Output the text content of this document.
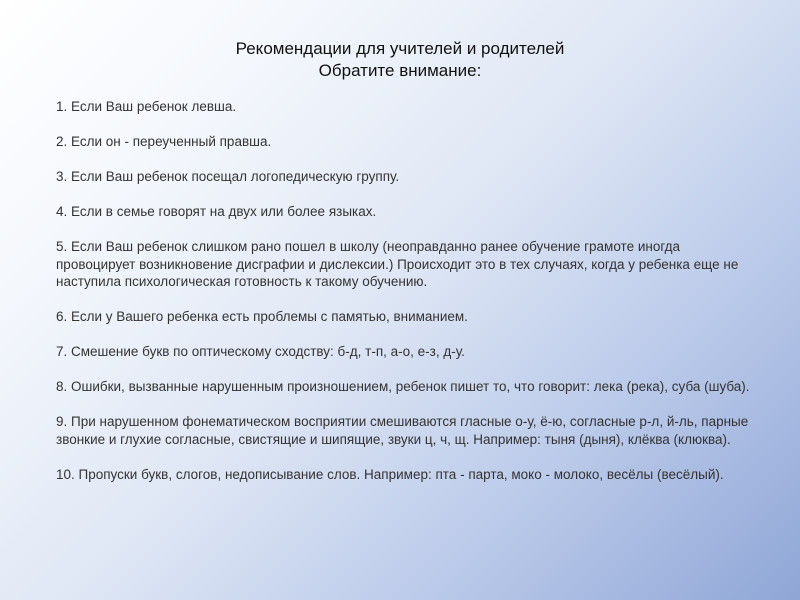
Рекомендации для учителей и родителей
Обратите внимание:
1. Если Ваш ребенок левша.
2. Если он - переученный правша.
3. Если Ваш ребенок посещал логопедическую группу.
4. Если в семье говорят на двух или более языках.
5. Если Ваш ребенок слишком рано пошел в школу (неоправданно ранее обучение грамоте иногда провоцирует возникновение дисграфии и дислексии.) Происходит это в тех случаях, когда у ребенка еще не наступила психологическая готовность к такому обучению.
6. Если у Вашего ребенка есть проблемы с памятью, вниманием.
7. Смешение букв по оптическому сходству: б-д, т-п, а-о, е-з, д-у.
8. Ошибки, вызванные нарушенным произношением, ребенок пишет то, что говорит: лека (река), суба (шуба).
9. При нарушенном фонематическом восприятии смешиваются гласные о-у, ё-ю, согласные р-л, й-ль, парные звонкие и глухие согласные, свистящие и шипящие, звуки ц, ч, щ. Например: тыня (дыня), клёква (клюква).
10. Пропуски букв, слогов, недописывание слов. Например: пта - парта, моко - молоко, весёлы (весёлый).
